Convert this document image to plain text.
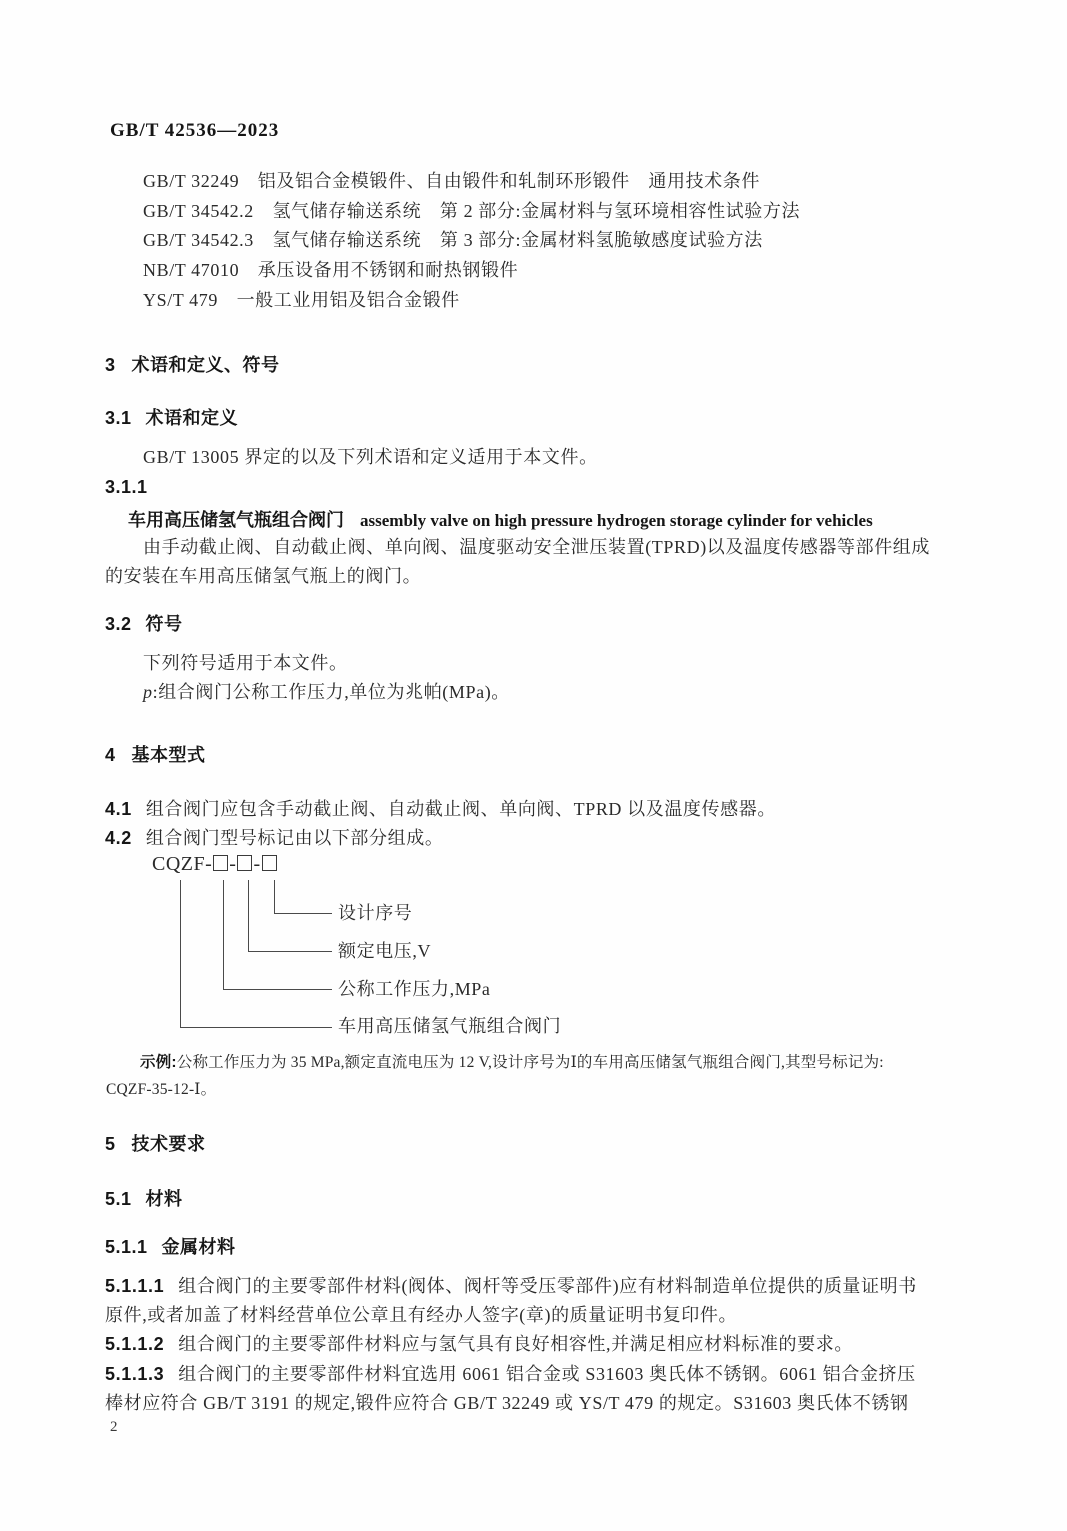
GB/T 42536—2023
GB/T 32249　铝及铝合金模锻件、自由锻件和轧制环形锻件　通用技术条件
GB/T 34542.2　氢气储存输送系统　第 2 部分:金属材料与氢环境相容性试验方法
GB/T 34542.3　氢气储存输送系统　第 3 部分:金属材料氢脆敏感度试验方法
NB/T 47010　承压设备用不锈钢和耐热钢锻件
YS/T 479　一般工业用铝及铝合金锻件
3 术语和定义、符号
3.1 术语和定义
GB/T 13005 界定的以及下列术语和定义适用于本文件。
3.1.1
车用高压储氢气瓶组合阀门 assembly valve on high pressure hydrogen storage cylinder for vehicles
由手动截止阀、自动截止阀、单向阀、温度驱动安全泄压装置(TPRD)以及温度传感器等部件组成
的安装在车用高压储氢气瓶上的阀门。
3.2 符号
下列符号适用于本文件。
p:组合阀门公称工作压力,单位为兆帕(MPa)。
4 基本型式
4.1 组合阀门应包含手动截止阀、自动截止阀、单向阀、TPRD 以及温度传感器。
4.2 组合阀门型号标记由以下部分组成。
CQZF- - -
设计序号
额定电压,V
公称工作压力,MPa
车用高压储氢气瓶组合阀门
示例:公称工作压力为 35 MPa,额定直流电压为 12 V,设计序号为Ⅰ的车用高压储氢气瓶组合阀门,其型号标记为:
CQZF-35-12-Ⅰ。
5 技术要求
5.1 材料
5.1.1 金属材料
5.1.1.1 组合阀门的主要零部件材料(阀体、阀杆等受压零部件)应有材料制造单位提供的质量证明书
原件,或者加盖了材料经营单位公章且有经办人签字(章)的质量证明书复印件。
5.1.1.2 组合阀门的主要零部件材料应与氢气具有良好相容性,并满足相应材料标准的要求。
5.1.1.3 组合阀门的主要零部件材料宜选用 6061 铝合金或 S31603 奥氏体不锈钢。6061 铝合金挤压
棒材应符合 GB/T 3191 的规定,锻件应符合 GB/T 32249 或 YS/T 479 的规定。S31603 奥氏体不锈钢
2
